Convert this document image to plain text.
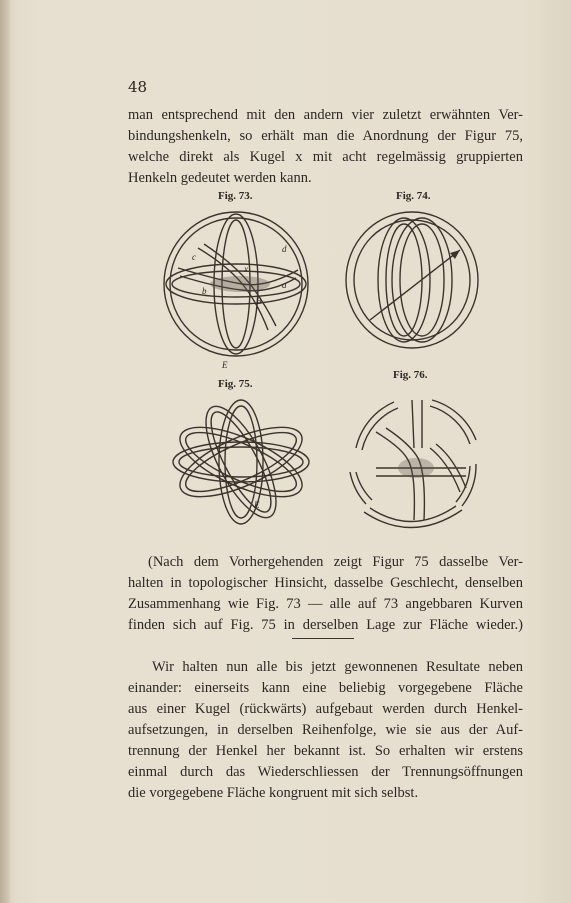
48
man entsprechend mit den andern vier zuletzt erwähnten Ver-
bindungshenkeln, so erhält man die Anordnung der Figur 75,
welche direkt als Kugel x mit acht regelmässig gruppierten
Henkeln gedeutet werden kann.
Fig. 73.	Fig. 74.
Fig. 75.
Fig. 76.
c
d
x
b
a
B
E
E
(Nach dem Vorhergehenden zeigt Figur 75 dasselbe Ver-
halten in topologischer Hinsicht, dasselbe Geschlecht, denselben
Zusammenhang wie Fig. 73 — alle auf 73 angebbaren Kurven
finden sich auf Fig. 75 in derselben Lage zur Fläche wieder.)
Wir halten nun alle bis jetzt gewonnenen Resultate neben
einander: einerseits kann eine beliebig vorgegebene Fläche
aus einer Kugel (rückwärts) aufgebaut werden durch Henkel-
aufsetzungen, in derselben Reihenfolge, wie sie aus der Auf-
trennung der Henkel her bekannt ist. So erhalten wir erstens
einmal durch das Wiederschliessen der Trennungsöffnungen
die vorgegebene Fläche kongruent mit sich selbst.
